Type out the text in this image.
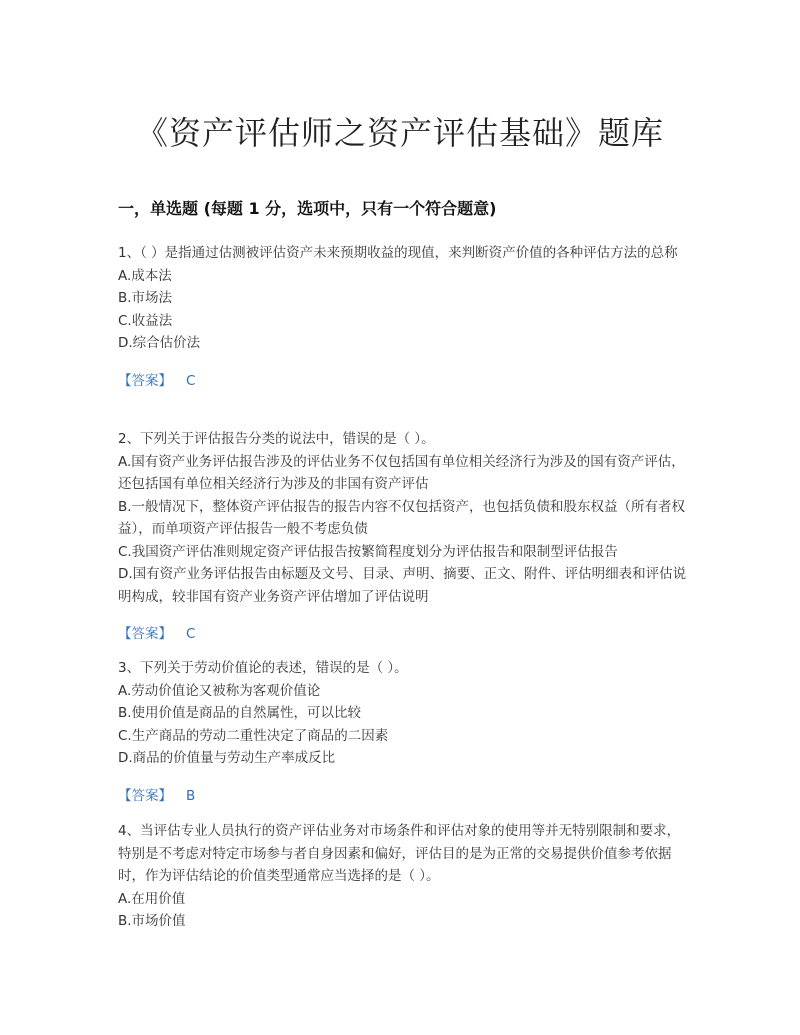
《资产评估师之资产评估基础》题库
一，单选题 (每题 1 分，选项中，只有一个符合题意)
1、（ ）是指通过估测被评估资产未来预期收益的现值，来判断资产价值的各种评估方法的总称
A.成本法
B.市场法
C.收益法
D.综合估价法
【答案】 C
2、下列关于评估报告分类的说法中，错误的是（ ）。
A.国有资产业务评估报告涉及的评估业务不仅包括国有单位相关经济行为涉及的国有资产评估，还包括国有单位相关经济行为涉及的非国有资产评估
B.一般情况下，整体资产评估报告的报告内容不仅包括资产，也包括负债和股东权益（所有者权益），而单项资产评估报告一般不考虑负债
C.我国资产评估准则规定资产评估报告按繁简程度划分为评估报告和限制型评估报告
D.国有资产业务评估报告由标题及文号、目录、声明、摘要、正文、附件、评估明细表和评估说明构成，较非国有资产业务资产评估增加了评估说明
【答案】 C
3、下列关于劳动价值论的表述，错误的是（ ）。
A.劳动价值论又被称为客观价值论
B.使用价值是商品的自然属性，可以比较
C.生产商品的劳动二重性决定了商品的二因素
D.商品的价值量与劳动生产率成反比
【答案】 B
4、当评估专业人员执行的资产评估业务对市场条件和评估对象的使用等并无特别限制和要求，特别是不考虑对特定市场参与者自身因素和偏好，评估目的是为正常的交易提供价值参考依据时，作为评估结论的价值类型通常应当选择的是（ ）。
A.在用价值
B.市场价值
